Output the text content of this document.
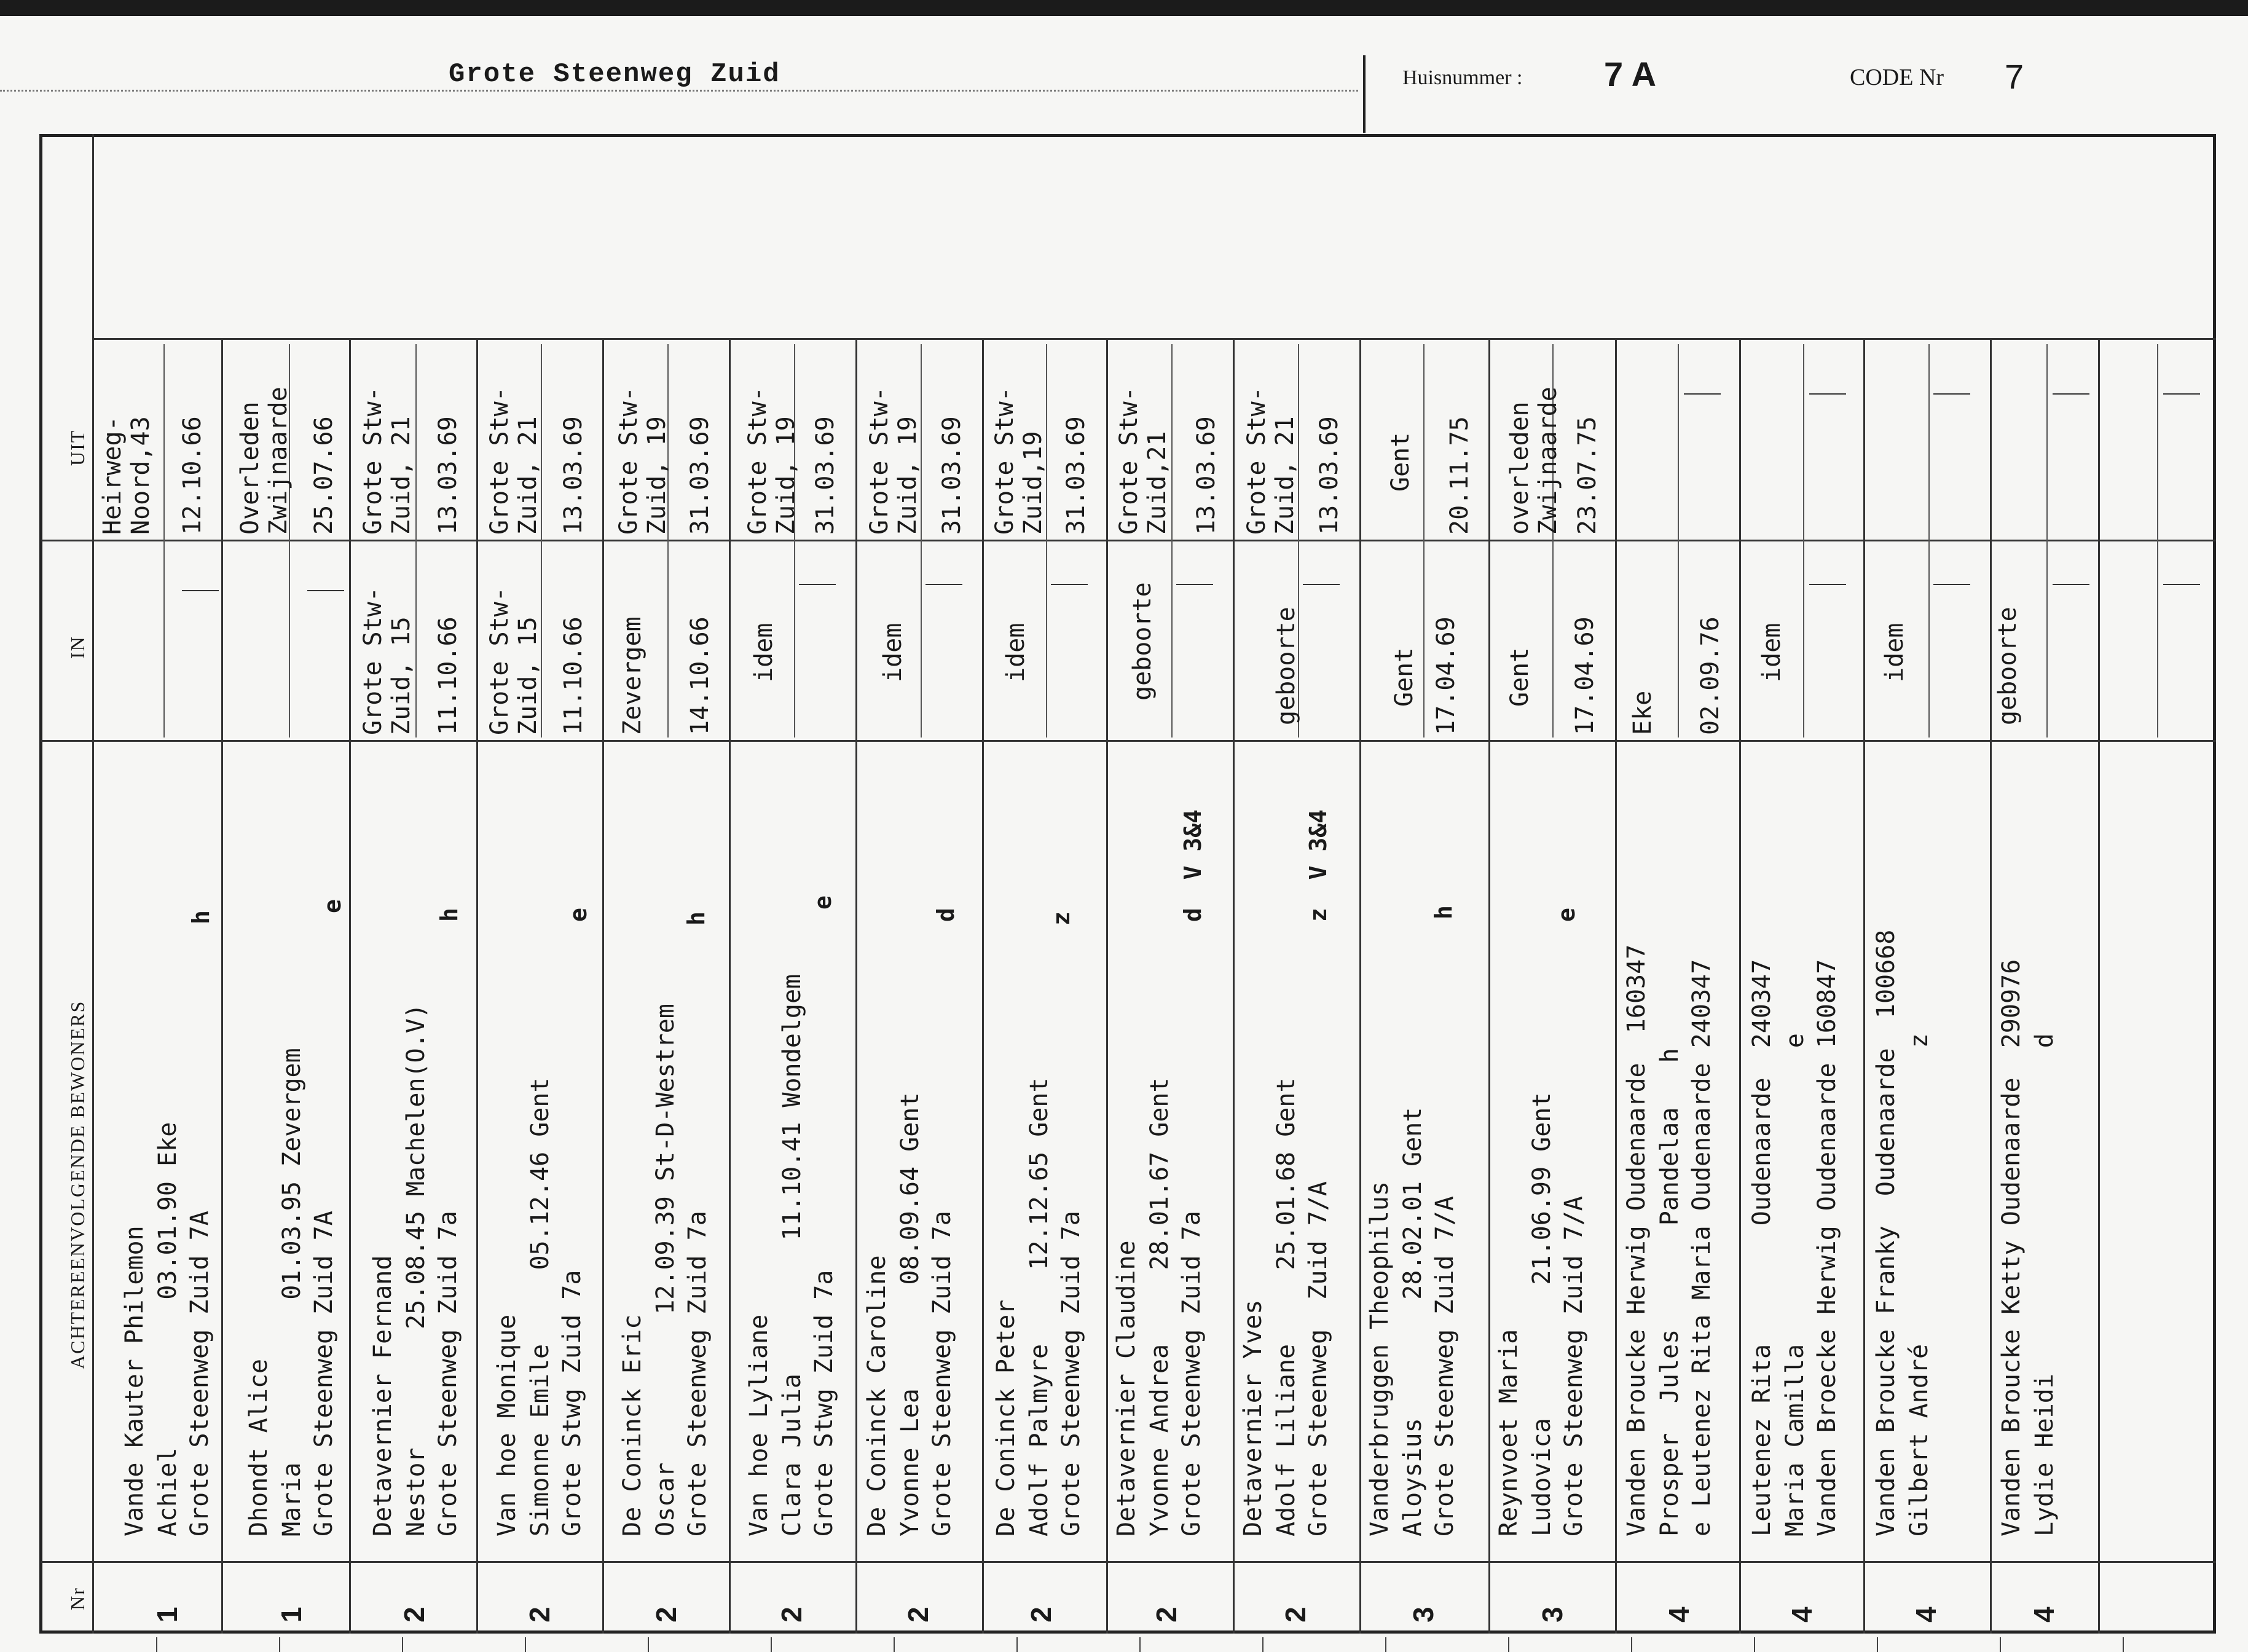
Grote Steenweg Zuid	Huisnummer : 7 A	CODE Nr 7
UIT
IN
ACHTEREENVOLGENDE BEWONERS
Nr
1
Vande Kauter Philemon Achiel          03.01.90 Eke Grote Steenweg Zuid 7A
h
Heirweg-
Noord,43 12.10.66
1
Dhondt Alice Maria           01.03.95 Zevergem Grote Steenweg Zuid 7A
e
Overleden
Zwijnaarde 25.07.66
2
Detavernier Fernand Nestor        25.08.45 Machelen(O.V) Grote Steenweg Zuid 7a
h
Grote Stw-
Zuid, 15 11.10.66
Grote Stw-
Zuid, 21 13.03.69
2
Van hoe Monique Simonne Emile     05.12.46 Gent Grote Stwg Zuid 7a
e
Grote Stw-
Zuid, 15 11.10.66
Grote Stw-
Zuid, 21 13.03.69
2
De Coninck Eric Oscar          12.09.39 St-D-Westrem Grote Steenweg Zuid 7a
h
Zevergem 14.10.66
Grote Stw-
Zuid, 19 31.03.69
2
Van hoe Lyliane Clara Julia         11.10.41 Wondelgem Grote Stwg Zuid 7a
e
idem
Grote Stw-
Zuid, 19 31.03.69
2
De Coninck Caroline Yvonne Lea       08.09.64 Gent Grote Steenweg Zuid 7a
d
idem
Grote Stw-
Zuid, 19 31.03.69
2
De Coninck Peter Adolf Palmyre     12.12.65 Gent Grote Steenweg Zuid 7a
z
idem
Grote Stw-
Zuid,19 31.03.69
2
Detavernier Claudine Yvonne Andrea     28.01.67 Gent Grote Steenweg Zuid 7a
d  V 3&4
geboorte
Grote Stw-
Zuid,21 13.03.69
2
Detavernier Yves Adolf Liliane     25.01.68 Gent Grote Steenweg  Zuid 7/A
z  V 3&4
geboorte
Grote Stw-
Zuid, 21 13.03.69
3
Vanderbruggen Theophilus Aloysius        28.02.01 Gent Grote Steenweg Zuid 7/A
h
Gent 17.04.69
Gent 20.11.75
3
Reynvoet Maria Ludovica         21.06.99 Gent Grote Steenweg Zuid 7/A
e
Gent 17.04.69
overleden
Zwijnaarde 23.07.75
4
Vanden Broucke Herwig Oudenaarde  160347 Prosper  Jules       Pandelaa   h e Leutenez Rita Maria Oudenaarde 240347
Eke 02.09.76
4
Leutenez Rita        Oudenaarde  240347 Maria Camilla                    e Vanden Broecke Herwig Oudenaarde 160847
idem
4
Vanden Broucke Franky  Oudenaarde  100668 Gilbert André                    z
idem
4
Vanden Broucke Ketty Oudenaarde  290976 Lydie Heidi                      d
geboorte
